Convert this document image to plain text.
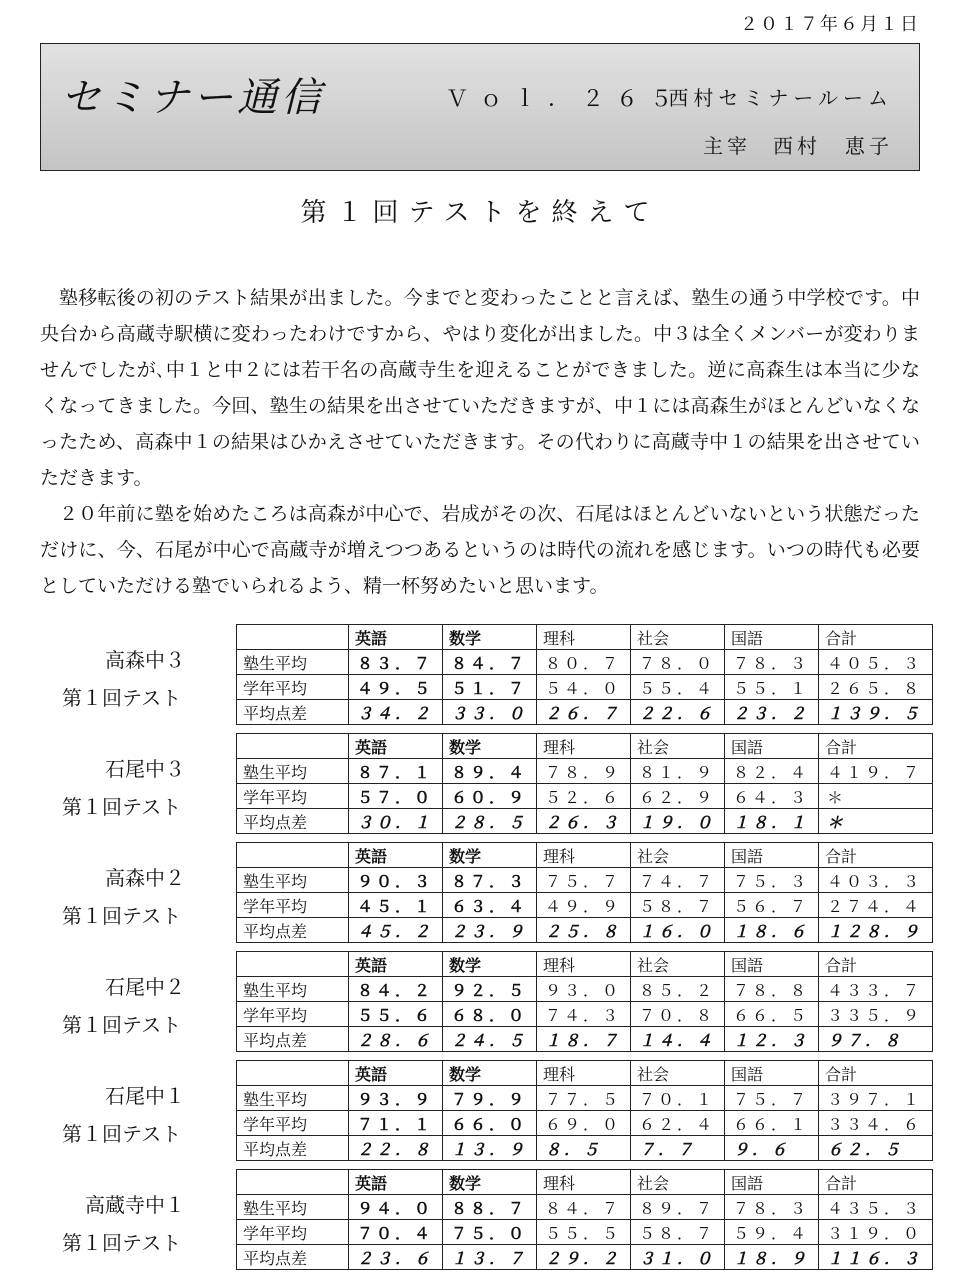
２０１７年６月１日
セミナー通信	Ｖｏｌ．２６５
西村セミナールーム
主宰 西村　恵子
第１回テストを終えて

塾移転後の初のテスト結果が出ました。今までと変わったことと言えば、塾生の通う中学校です。中央台から高蔵寺駅横に変わったわけですから、やはり変化が出ました。中３は全くメンバーが変わりませんでしたが､中１と中２には若干名の高蔵寺生を迎えることができました。逆に高森生は本当に少なくなってきました。今回、塾生の結果を出させていただきますが、中１には高森生がほとんどいなくなったため、高森中１の結果はひかえさせていただきます。その代わりに高蔵寺中１の結果を出させていただきます。

２０年前に塾を始めたころは高森が中心で、岩成がその次、石尾はほとんどいないという状態だっただけに、今、石尾が中心で高蔵寺が増えつつあるというのは時代の流れを感じます。いつの時代も必要としていただける塾でいられるよう、精一杯努めたいと思います。

高森中３
第１回テスト
	英語	数学	理科	社会	国語	合計
塾生平均	８３．７	８４．７	８０．７	７８．０	７８．３	４０５．３
学年平均	４９．５	５１．７	５４．０	５５．４	５５．１	２６５．８
平均点差	３４．２	３３．０	２６．７	２２．６	２３．２	１３９．５
石尾中３
第１回テスト
	英語	数学	理科	社会	国語	合計
塾生平均	８７．１	８９．４	７８．９	８１．９	８２．４	４１９．７
学年平均	５７．０	６０．９	５２．６	６２．９	６４．３	＊
平均点差	３０．１	２８．５	２６．３	１９．０	１８．１	＊
高森中２
第１回テスト
	英語	数学	理科	社会	国語	合計
塾生平均	９０．３	８７．３	７５．７	７４．７	７５．３	４０３．３
学年平均	４５．１	６３．４	４９．９	５８．７	５６．７	２７４．４
平均点差	４５．２	２３．９	２５．８	１６．０	１８．６	１２８．９
石尾中２
第１回テスト
	英語	数学	理科	社会	国語	合計
塾生平均	８４．２	９２．５	９３．０	８５．２	７８．８	４３３．７
学年平均	５５．６	６８．０	７４．３	７０．８	６６．５	３３５．９
平均点差	２８．６	２４．５	１８．７	１４．４	１２．３	９７．８
石尾中１
第１回テスト
	英語	数学	理科	社会	国語	合計
塾生平均	９３．９	７９．９	７７．５	７０．１	７５．７	３９７．１
学年平均	７１．１	６６．０	６９．０	６２．４	６６．１	３３４．６
平均点差	２２．８	１３．９	８．５	７．７	９．６	６２．５
高蔵寺中１
第１回テスト
	英語	数学	理科	社会	国語	合計
塾生平均	９４．０	８８．７	８４．７	８９．７	７８．３	４３５．３
学年平均	７０．４	７５．０	５５．５	５８．７	５９．４	３１９．０
平均点差	２３．６	１３．７	２９．２	３１．０	１８．９	１１６．３
